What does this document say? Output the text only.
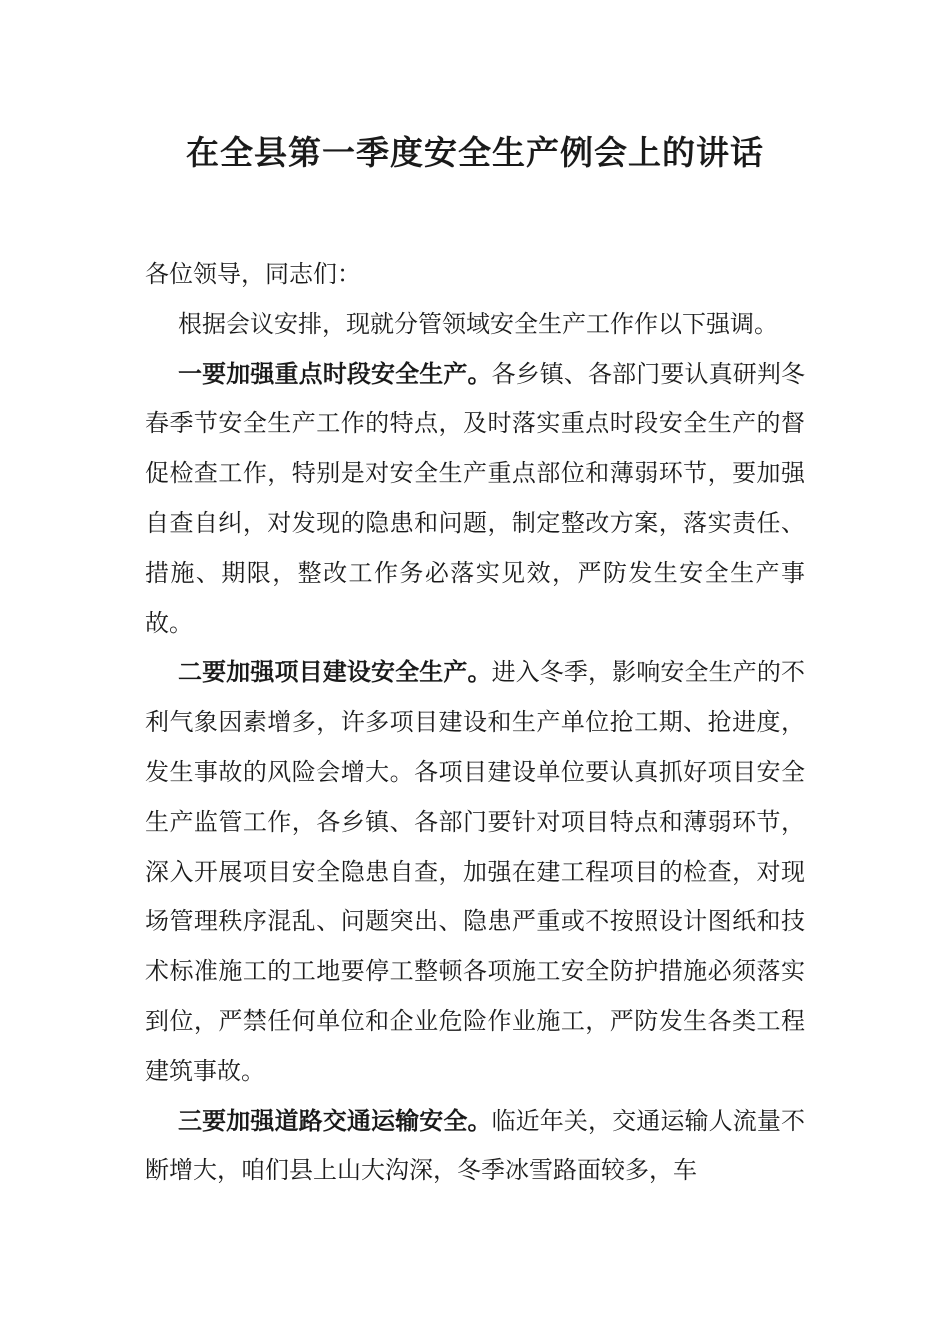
在全县第一季度安全生产例会上的讲话

各位领导，同志们：

根据会议安排，现就分管领域安全生产工作作以下强调。

一要加强重点时段安全生产。各乡镇、各部门要认真研判冬春季节安全生产工作的特点，及时落实重点时段安全生产的督促检查工作，特别是对安全生产重点部位和薄弱环节，要加强自查自纠，对发现的隐患和问题，制定整改方案，落实责任、措施、期限，整改工作务必落实见效，严防发生安全生产事故。

二要加强项目建设安全生产。进入冬季，影响安全生产的不利气象因素增多，许多项目建设和生产单位抢工期、抢进度，发生事故的风险会增大。各项目建设单位要认真抓好项目安全生产监管工作，各乡镇、各部门要针对项目特点和薄弱环节，深入开展项目安全隐患自查，加强在建工程项目的检查，对现场管理秩序混乱、问题突出、隐患严重或不按照设计图纸和技术标准施工的工地要停工整顿各项施工安全防护措施必须落实到位，严禁任何单位和企业危险作业施工，严防发生各类工程建筑事故。

三要加强道路交通运输安全。临近年关，交通运输人流量不断增大，咱们县上山大沟深，冬季冰雪路面较多，车
